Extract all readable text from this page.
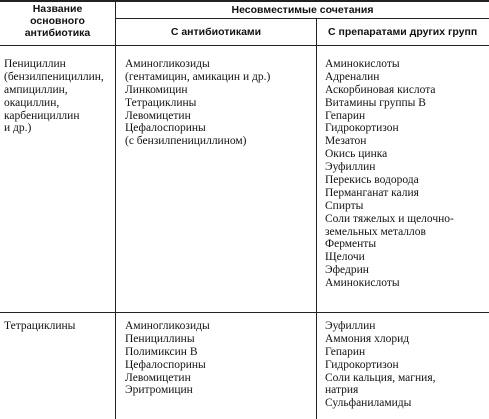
Название
основного
антибиотика
Несовместимые сочетания
С антибиотиками	С препаратами других групп
Пенициллин
(бензилпенициллин,
ампициллин,
окациллин,
карбенициллин
и др.)
Аминогликозиды
(гентамицин, амикацин и др.)
Линкомицин
Тетрациклины
Левомицетин
Цефалоспорины
(с бензилпенициллином)
Аминокислоты
Адреналин
Аскорбиновая кислота
Витамины группы В
Гепарин
Гидрокортизон
Мезатон
Окись цинка
Эуфиллин
Перекись водорода
Перманганат калия
Спирты
Соли тяжелых и щелочно-
земельных металлов
Ферменты
Щелочи
Эфедрин
Аминокислоты
Тетрациклины	Аминогликозиды
Пенициллины
Полимиксин В
Цефалоспорины
Левомицетин
Эритромицин
Эуфиллин
Аммония хлорид
Гепарин
Гидрокортизон
Соли кальция, магния,
натрия
Сульфаниламиды
